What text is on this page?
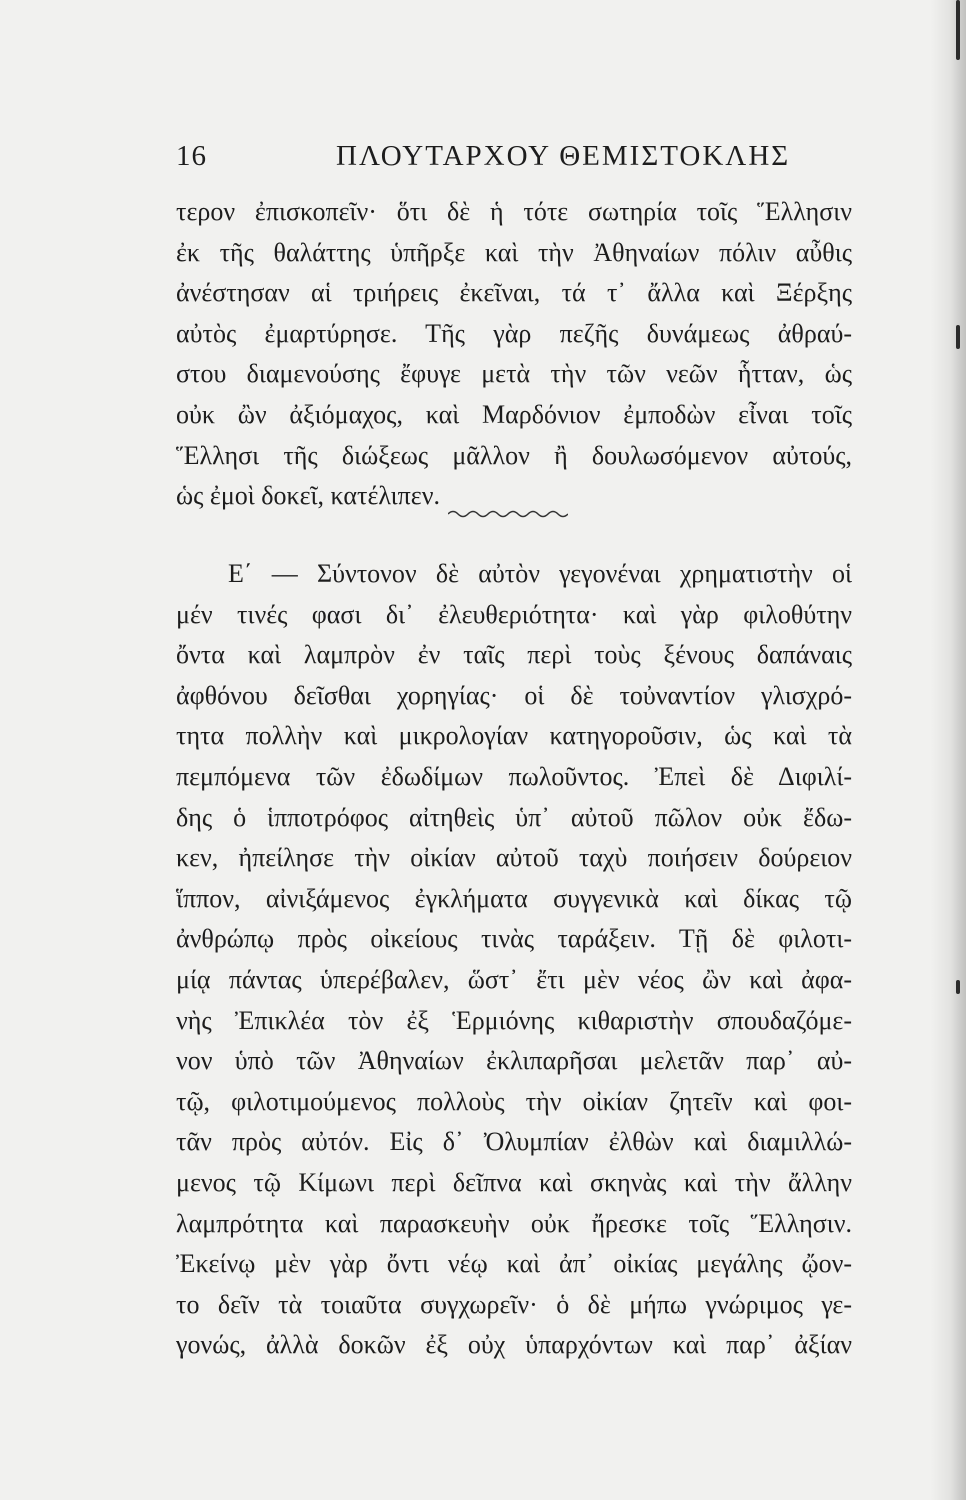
16	ΠΛΟΥΤΑΡΧΟΥ ΘΕΜΙΣΤΟΚΛΗΣ
τερον ἐπισκοπεῖν· ὅτι δὲ ἡ τότε σωτηρία τοῖς Ἕλλησιν
ἐκ τῆς θαλάττης ὑπῆρξε καὶ τὴν Ἀθηναίων πόλιν αὖθις
ἀνέστησαν αἱ τριήρεις ἐκεῖναι, τά τ᾽ ἄλλα καὶ Ξέρξης
αὐτὸς ἐμαρτύρησε. Τῆς γὰρ πεζῆς δυνάμεως ἀθραύ-
στου διαμενούσης ἔφυγε μετὰ τὴν τῶν νεῶν ἧτταν, ὡς
οὐκ ὢν ἀξιόμαχος, καὶ Μαρδόνιον ἐμποδὼν εἶναι τοῖς
Ἕλλησι τῆς διώξεως μᾶλλον ἢ δουλωσόμενον αὐτούς,
ὡς ἐμοὶ δοκεῖ, κατέλιπεν.
Ε΄ — Σύντονον δὲ αὐτὸν γεγονέναι χρηματιστὴν οἱ
μέν τινές φασι δι᾽ ἐλευθεριότητα· καὶ γὰρ φιλοθύτην
ὄντα καὶ λαμπρὸν ἐν ταῖς περὶ τοὺς ξένους δαπάναις
ἀφθόνου δεῖσθαι χορηγίας· οἱ δὲ τοὐναντίον γλισχρό-
τητα πολλὴν καὶ μικρολογίαν κατηγοροῦσιν, ὡς καὶ τὰ
πεμπόμενα τῶν ἐδωδίμων πωλοῦντος. Ἐπεὶ δὲ Διφιλί-
δης ὁ ἱπποτρόφος αἰτηθεὶς ὑπ᾽ αὐτοῦ πῶλον οὐκ ἔδω-
κεν, ἠπείλησε τὴν οἰκίαν αὐτοῦ ταχὺ ποιήσειν δούρειον
ἵππον, αἰνιξάμενος ἐγκλήματα συγγενικὰ καὶ δίκας τῷ
ἀνθρώπῳ πρὸς οἰκείους τινὰς ταράξειν. Τῇ δὲ φιλοτι-
μίᾳ πάντας ὑπερέβαλεν, ὥστ᾽ ἔτι μὲν νέος ὢν καὶ ἀφα-
νὴς Ἐπικλέα τὸν ἐξ Ἑρμιόνης κιθαριστὴν σπουδαζόμε-
νον ὑπὸ τῶν Ἀθηναίων ἐκλιπαρῆσαι μελετᾶν παρ᾽ αὐ-
τῷ, φιλοτιμούμενος πολλοὺς τὴν οἰκίαν ζητεῖν καὶ φοι-
τᾶν πρὸς αὐτόν. Εἰς δ᾽ Ὀλυμπίαν ἐλθὼν καὶ διαμιλλώ-
μενος τῷ Κίμωνι περὶ δεῖπνα καὶ σκηνὰς καὶ τὴν ἄλλην
λαμπρότητα καὶ παρασκευὴν οὐκ ἤρεσκε τοῖς Ἕλλησιν.
Ἐκείνῳ μὲν γὰρ ὄντι νέῳ καὶ ἀπ᾽ οἰκίας μεγάλης ᾤον-
το δεῖν τὰ τοιαῦτα συγχωρεῖν· ὁ δὲ μήπω γνώριμος γε-
γονώς, ἀλλὰ δοκῶν ἐξ οὐχ ὑπαρχόντων καὶ παρ᾽ ἀξίαν
